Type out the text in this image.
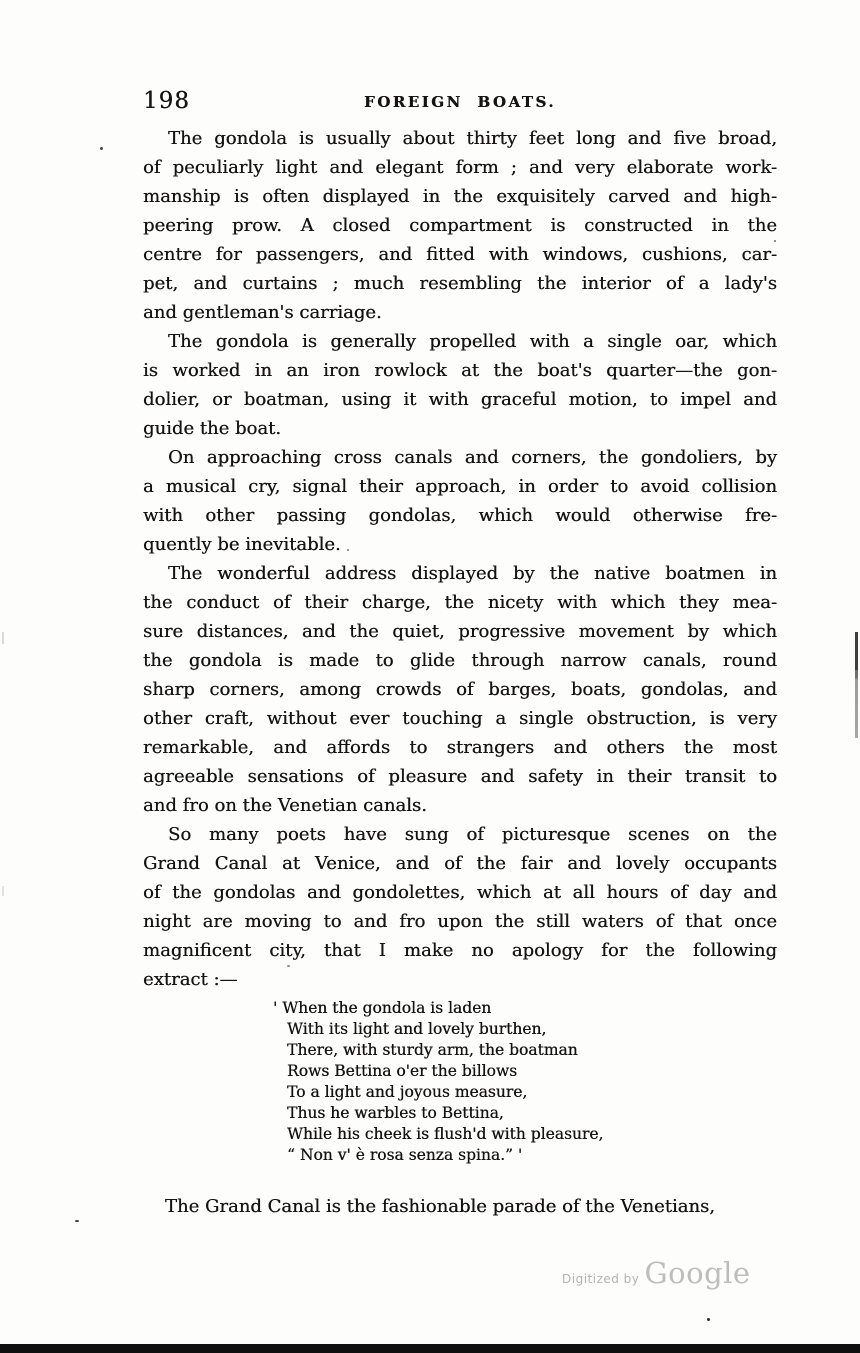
198	FOREIGN BOATS.
The gondola is usually about thirty feet long and five broad,
of peculiarly light and elegant form ; and very elaborate work-
manship is often displayed in the exquisitely carved and high-
peering prow. A closed compartment is constructed in the
centre for passengers, and fitted with windows, cushions, car-
pet, and curtains ; much resembling the interior of a lady's
and gentleman's carriage.
The gondola is generally propelled with a single oar, which
is worked in an iron rowlock at the boat's quarter—the gon-
dolier, or boatman, using it with graceful motion, to impel and
guide the boat.
On approaching cross canals and corners, the gondoliers, by
a musical cry, signal their approach, in order to avoid collision
with other passing gondolas, which would otherwise fre-
quently be inevitable.
The wonderful address displayed by the native boatmen in
the conduct of their charge, the nicety with which they mea-
sure distances, and the quiet, progressive movement by which
the gondola is made to glide through narrow canals, round
sharp corners, among crowds of barges, boats, gondolas, and
other craft, without ever touching a single obstruction, is very
remarkable, and affords to strangers and others the most
agreeable sensations of pleasure and safety in their transit to
and fro on the Venetian canals.
So many poets have sung of picturesque scenes on the
Grand Canal at Venice, and of the fair and lovely occupants
of the gondolas and gondolettes, which at all hours of day and
night are moving to and fro upon the still waters of that once
magnificent city, that I make no apology for the following
extract :—
' When the gondola is laden
With its light and lovely burthen,
There, with sturdy arm, the boatman
Rows Bettina o'er the billows
To a light and joyous measure,
Thus he warbles to Bettina,
While his cheek is flush'd with pleasure,
“ Non v' è rosa senza spina.” '
The Grand Canal is the fashionable parade of the Venetians,
Digitized by Google
